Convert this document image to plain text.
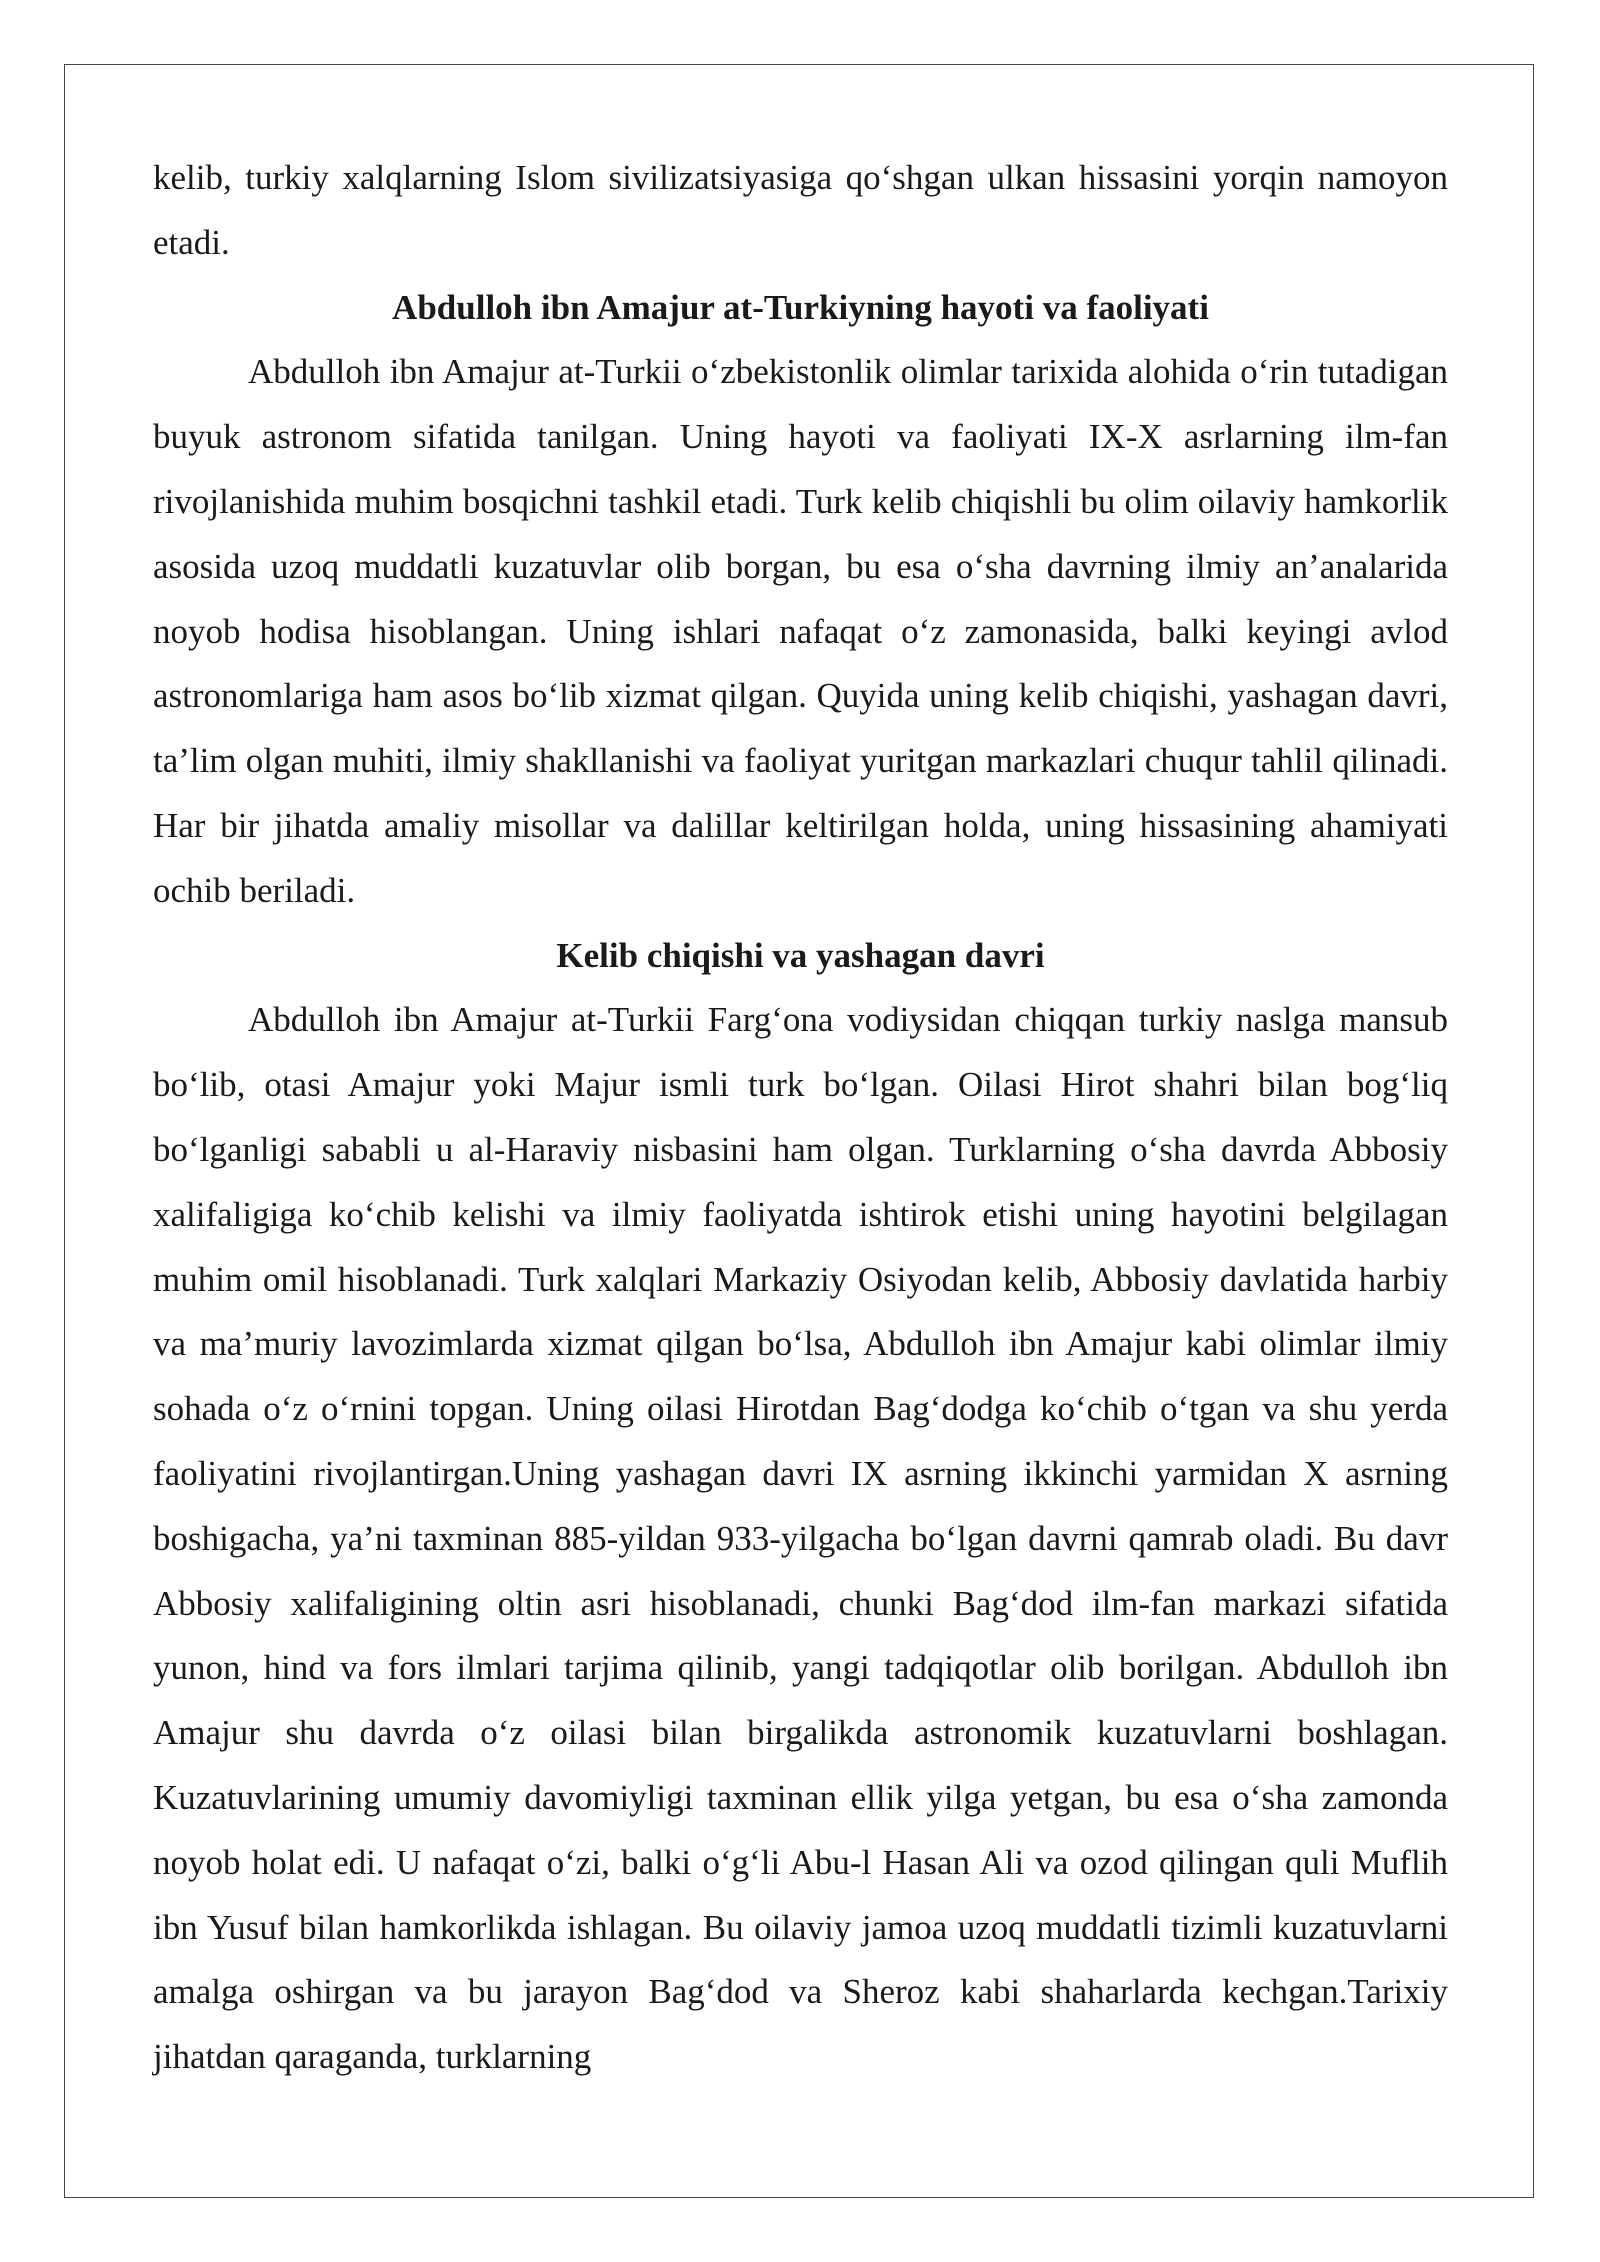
kelib, turkiy xalqlarning Islom sivilizatsiyasiga qo‘shgan ulkan hissasini yorqin namoyon etadi.

Abdulloh ibn Amajur at-Turkiyning hayoti va faoliyati

Abdulloh ibn Amajur at-Turkii o‘zbekistonlik olimlar tarixida alohida o‘rin tutadigan buyuk astronom sifatida tanilgan. Uning hayoti va faoliyati IX-X asrlarning ilm-fan rivojlanishida muhim bosqichni tashkil etadi. Turk kelib chiqishli bu olim oilaviy hamkorlik asosida uzoq muddatli kuzatuvlar olib borgan, bu esa o‘sha davrning ilmiy an’analarida noyob hodisa hisoblangan. Uning ishlari nafaqat o‘z zamonasida, balki keyingi avlod astronomlariga ham asos bo‘lib xizmat qilgan. Quyida uning kelib chiqishi, yashagan davri, ta’lim olgan muhiti, ilmiy shakllanishi va faoliyat yuritgan markazlari chuqur tahlil qilinadi. Har bir jihatda amaliy misollar va dalillar keltirilgan holda, uning hissasining ahamiyati ochib beriladi.

Kelib chiqishi va yashagan davri

Abdulloh ibn Amajur at-Turkii Farg‘ona vodiysidan chiqqan turkiy naslga mansub bo‘lib, otasi Amajur yoki Majur ismli turk bo‘lgan. Oilasi Hirot shahri bilan bog‘liq bo‘lganligi sababli u al-Haraviy nisbasini ham olgan. Turklarning o‘sha davrda Abbosiy xalifaligiga ko‘chib kelishi va ilmiy faoliyatda ishtirok etishi uning hayotini belgilagan muhim omil hisoblanadi. Turk xalqlari Markaziy Osiyodan kelib, Abbosiy davlatida harbiy va ma’muriy lavozimlarda xizmat qilgan bo‘lsa, Abdulloh ibn Amajur kabi olimlar ilmiy sohada o‘z o‘rnini topgan. Uning oilasi Hirotdan Bag‘dodga ko‘chib o‘tgan va shu yerda faoliyatini rivojlantirgan.Uning yashagan davri IX asrning ikkinchi yarmidan X asrning boshigacha, ya’ni taxminan 885-yildan 933-yilgacha bo‘lgan davrni qamrab oladi. Bu davr Abbosiy xalifaligining oltin asri hisoblanadi, chunki Bag‘dod ilm-fan markazi sifatida yunon, hind va fors ilmlari tarjima qilinib, yangi tadqiqotlar olib borilgan. Abdulloh ibn Amajur shu davrda o‘z oilasi bilan birgalikda astronomik kuzatuvlarni boshlagan. Kuzatuvlarining umumiy davomiyligi taxminan ellik yilga yetgan, bu esa o‘sha zamonda noyob holat edi. U nafaqat o‘zi, balki o‘g‘li Abu-l Hasan Ali va ozod qilingan quli Muflih ibn Yusuf bilan hamkorlikda ishlagan. Bu oilaviy jamoa uzoq muddatli tizimli kuzatuvlarni amalga oshirgan va bu jarayon Bag‘dod va Sheroz kabi shaharlarda kechgan.Tarixiy jihatdan qaraganda, turklarning
